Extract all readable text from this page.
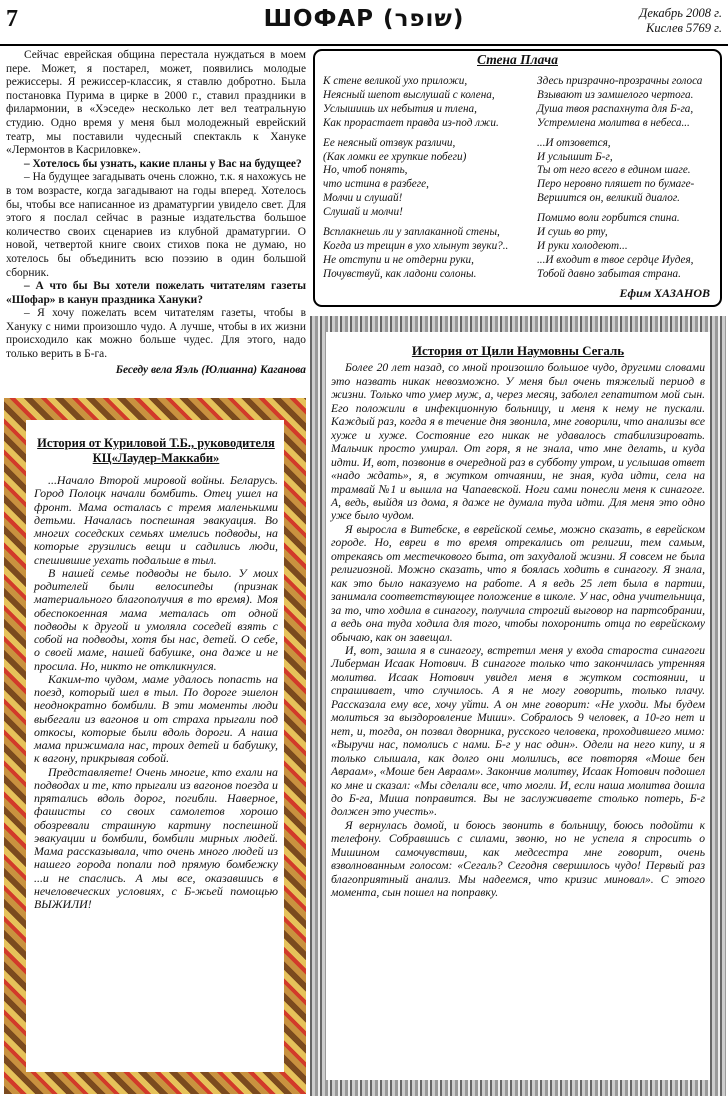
7	ШОФАР (שופר)	Декабрь 2008 г.
Кислев 5769 г.

Сейчас еврейская община перестала нуждаться в моем пере. Может, я постарел, может, появились молодые режиссеры. Я режиссер-классик, я ставлю добротно. Была постановка Пурима в цирке в 2000 г., ставил праздники в филармонии, в «Хэседе» несколько лет вел театральную студию. Одно время у меня был молодежный еврейский театр, мы поставили чудесный спектакль к Ханукe «Лермонтов в Касриловке».

– Хотелось бы узнать, какие планы у Вас на будущее?

– На будущее загадывать очень сложно, т.к. я нахожусь не в том возрасте, когда загадывают на годы вперед. Хотелось бы, чтобы все написанное из драматургии увидело свет. Для этого я послал сейчас в разные издательства большое количество своих сценариев из клубной драматургии. О новой, четвертой книге своих стихов пока не думаю, но хотелось бы объединить всю поэзию в один большой сборник.

– А что бы Вы хотели пожелать читателям газеты «Шофар» в канун праздника Хануки?

– Я хочу пожелать всем читателям газеты, чтобы в Хануку с ними произошло чудо. А лучше, чтобы в их жизни происходило как можно больше чудес. Для этого, надо только верить в Б-га.

Беседу вела Яэль (Юлианна) Каганова

Стена Плача
К стене великой ухо приложи,
Неясный шепот выслушай с колена,
Услышишь их небытия и тлена,
Как прорастает правда из-под лжи.
Ее неясный отзвук различи,
(Как ломки ее хрупкие побеги)
Но, чтоб понять,
что истина в разбеге,
Молчи и слушай!
Слушай и молчи!
Всплакнешь ли у заплаканной стены,
Когда из трещин в ухо хлынут звуки?..
Не отступи и не отдерни руки,
Почувствуй, как ладони солоны.
Здесь призрачно-прозрачны голоса
Взывают из замшелого чертога.
Душа твоя распахнута для Б-га,
Устремлена молитва в небеса...
...И отзовется,
И услышит Б-г,
Ты от него всего в едином шаге.
Перо неровно пляшет по бумаге-
Вершится он, великий диалог.
Помимо воли горбится спина.
И сушь во рту,
И руки холодеют...
...И входит в твое сердце Иудея,
Тобой давно забытая страна.
Ефим ХАЗАНОВ
История от Куриловой Т.Б., руководителя КЦ«Лаудер-Маккаби»

...Начало Второй мировой войны. Беларусь. Город Полоцк начали бомбить. Отец ушел на фронт. Мама осталась с тремя маленькими детьми. Началась поспешная эвакуация. Во многих соседских семьях имелись подводы, на которые грузились вещи и садились люди, спешившие уехать подальше в тыл.

В нашей семье подводы не было. У моих родителей были велосипеды (признак материального благополучия в то время). Моя обеспокоенная мама металась от одной подводы к другой и умоляла соседей взять с собой на подводы, хотя бы нас, детей. О себе, о своей маме, нашей бабушке, она даже и не просила. Но, никто не откликнулся.

Каким-то чудом, маме удалось попасть на поезд, который шел в тыл. По дороге эшелон неоднократно бомбили. В эти моменты люди выбегали из вагонов и от страха прыгали под откосы, которые были вдоль дороги. А наша мама прижимала нас, троих детей и бабушку, к вагону, прикрывая собой.

Представляете! Очень многие, кто ехали на подводах и те, кто прыгали из вагонов поезда и прятались вдоль дорог, погибли. Наверное, фашисты со своих самолетов хорошо обозревали страшную картину поспешной эвакуации и бомбили, бомбили мирных людей. Мама рассказывала, что очень много людей из нашего города попали под прямую бомбежку ...и не спаслись. А мы все, оказавшись в нечеловеческих условиях, с Б-жьей помощью ВЫЖИЛИ!

История от Цили Наумовны Сегаль

Более 20 лет назад, со мной произошло большое чудо, другими словами это назвать никак невозможно. У меня был очень тяжелый период в жизни. Только что умер муж, а, через месяц, заболел гепатитом мой сын. Его положили в инфекционную больницу, и меня к нему не пускали. Каждый раз, когда я в течение дня звонила, мне говорили, что анализы все хуже и хуже. Состояние его никак не удавалось стабилизировать. Мальчик просто умирал. От горя, я не знала, что мне делать, и куда идти. И, вот, позвонив в очередной раз в субботу утром, и услышав ответ «надо ждать», я, в жутком отчаянии, не зная, куда идти, села на трамвай №1 и вышла на Чапаевской. Ноги сами понесли меня к синагоге. А, ведь, выйдя из дома, я даже не думала туда идти. Для меня это одно уже было чудом.

Я выросла в Витебске, в еврейской семье, можно сказать, в еврейском городе. Но, евреи в то время отрекались от религии, тем самым, отрекаясь от местечкового быта, от захудалой жизни. Я совсем не была религиозной. Можно сказать, что я боялась ходить в синагогу. Я знала, как это было наказуемо на работе. А я ведь 25 лет была в партии, занимала соответствующее положение в школе. У нас, одна учительница, за то, что ходила в синагогу, получила строгий выговор на партсобрании, а ведь она туда ходила для того, чтобы похоронить отца по еврейскому обычаю, как он завещал.

И, вот, зашла я в синагогу, встретил меня у входа староста синагоги Либерман Исаак Нотович. В синагоге только что закончилась утренняя молитва. Исаак Нотович увидел меня в жутком состоянии, и спрашивает, что случилось. А я не могу говорить, только плачу. Рассказала ему все, хочу уйти. А он мне говорит: «Не уходи. Мы будем молиться за выздоровление Миши». Собралось 9 человек, а 10-го нет и нет, и, тогда, он позвал дворника, русского человека, проходившего мимо: «Выручи нас, помолись с нами. Б-г у нас один». Одели на него кипу, и я только слышала, как долго они молились, все повторяя «Моше бен Авраам», «Моше бен Авраам». Закончив молитву, Исаак Нотович подошел ко мне и сказал: «Мы сделали все, что могли. И, если наша молитва дошла до Б-га, Миша поправится. Вы не заслуживаете столько потерь, Б-г должен это учесть».

Я вернулась домой, и боюсь звонить в больницу, боюсь подойти к телефону. Собравшись с силами, звоню, но не успела я спросить о Мишином самочувствии, как медсестра мне говорит, очень взволнованным голосом: «Сегаль? Сегодня свершилось чудо! Первый раз благоприятный анализ. Мы надеемся, что кризис миновал». С этого момента, сын пошел на поправку.
